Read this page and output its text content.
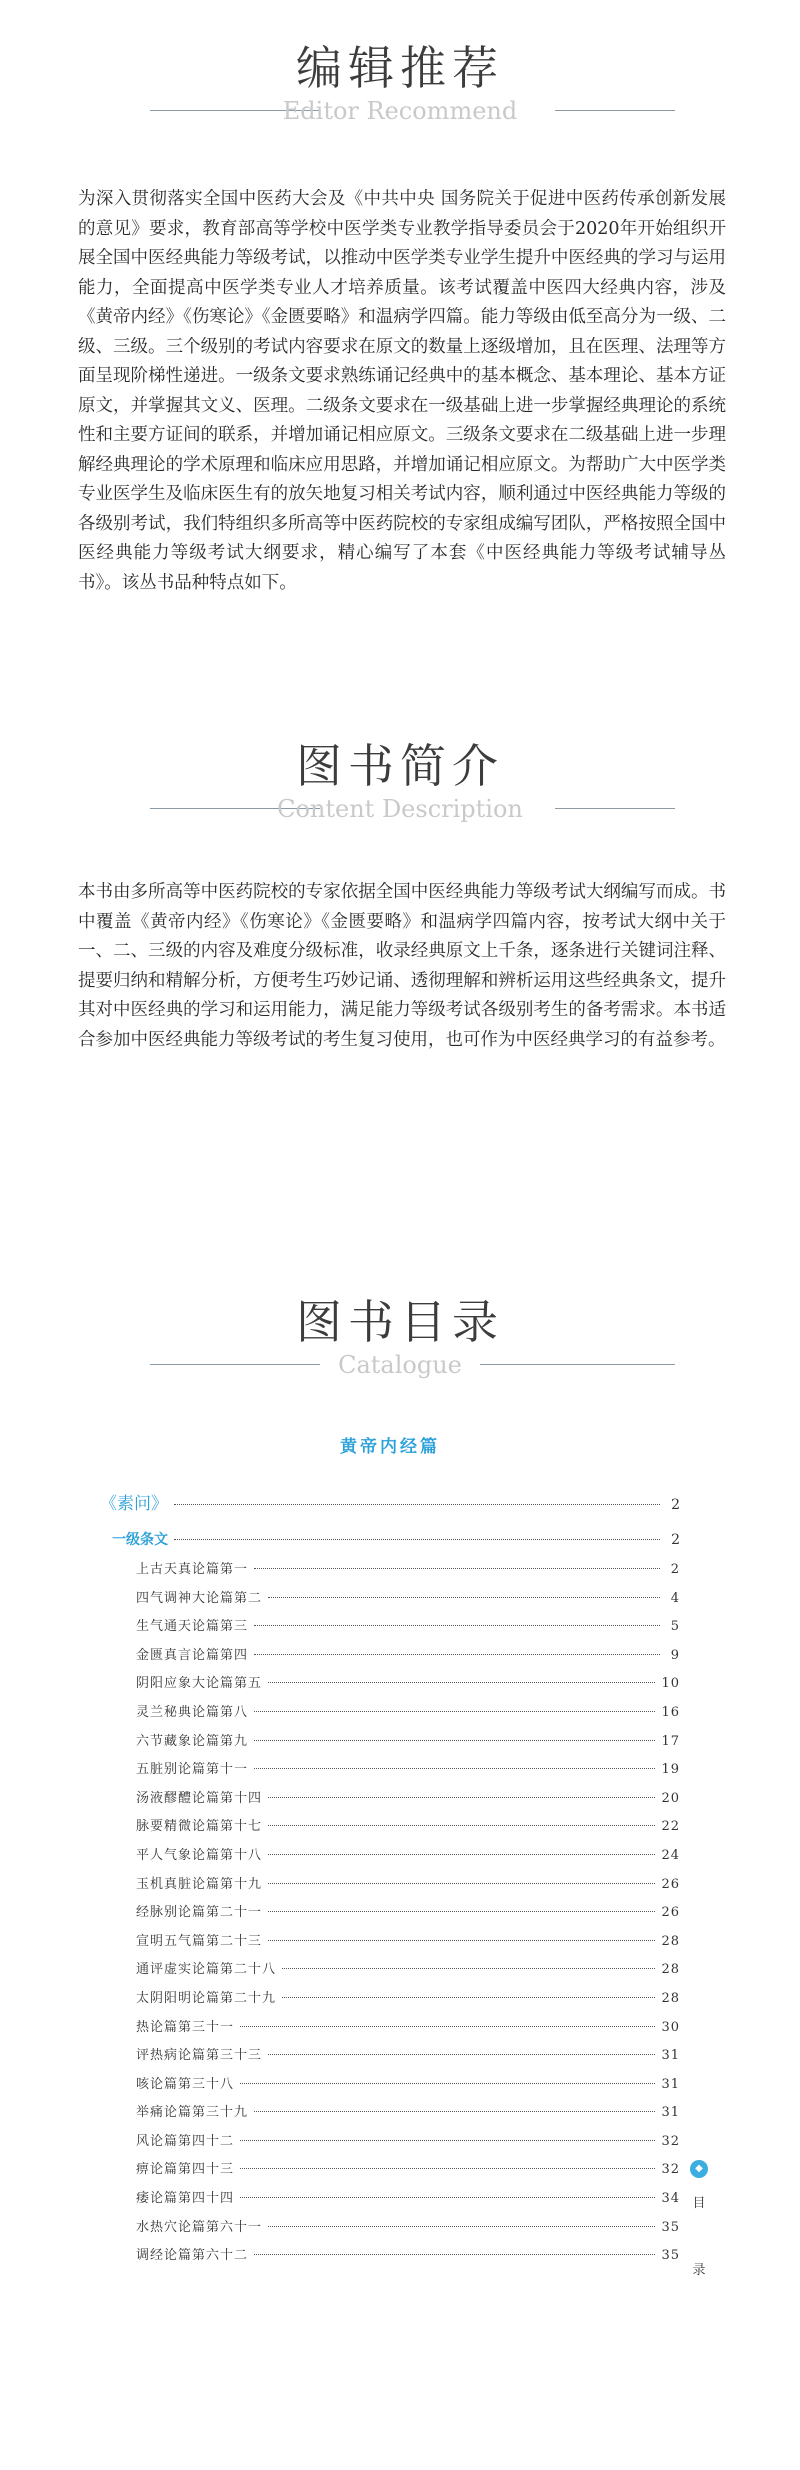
编辑推荐
Editor Recommend
为深入贯彻落实全国中医药大会及《中共中央 国务院关于促进中医药传承创新发展的意见》要求，教育部高等学校中医学类专业教学指导委员会于2020年开始组织开展全国中医经典能力等级考试，以推动中医学类专业学生提升中医经典的学习与运用能力，全面提高中医学类专业人才培养质量。该考试覆盖中医四大经典内容，涉及《黄帝内经》《伤寒论》《金匮要略》和温病学四篇。能力等级由低至高分为一级、二级、三级。三个级别的考试内容要求在原文的数量上逐级增加，且在医理、法理等方面呈现阶梯性递进。一级条文要求熟练诵记经典中的基本概念、基本理论、基本方证原文，并掌握其文义、医理。二级条文要求在一级基础上进一步掌握经典理论的系统性和主要方证间的联系，并增加诵记相应原文。三级条文要求在二级基础上进一步理解经典理论的学术原理和临床应用思路，并增加诵记相应原文。为帮助广大中医学类专业医学生及临床医生有的放矢地复习相关考试内容，顺利通过中医经典能力等级的各级别考试，我们特组织多所高等中医药院校的专家组成编写团队，严格按照全国中医经典能力等级考试大纲要求，精心编写了本套《中医经典能力等级考试辅导丛书》。该丛书品种特点如下。
图书简介
Content Description
本书由多所高等中医药院校的专家依据全国中医经典能力等级考试大纲编写而成。书中覆盖《黄帝内经》《伤寒论》《金匮要略》和温病学四篇内容，按考试大纲中关于一、二、三级的内容及难度分级标准，收录经典原文上千条，逐条进行关键词注释、提要归纳和精解分析，方便考生巧妙记诵、透彻理解和辨析运用这些经典条文，提升其对中医经典的学习和运用能力，满足能力等级考试各级别考生的备考需求。本书适合参加中医经典能力等级考试的考生复习使用，也可作为中医经典学习的有益参考。
图书目录
Catalogue
黄帝内经篇
《素问》	2
一级条文	2
上古天真论篇第一	2
四气调神大论篇第二	4
生气通天论篇第三	5
金匮真言论篇第四	9
阴阳应象大论篇第五	10
灵兰秘典论篇第八	16
六节藏象论篇第九	17
五脏别论篇第十一	19
汤液醪醴论篇第十四	20
脉要精微论篇第十七	22
平人气象论篇第十八	24
玉机真脏论篇第十九	26
经脉别论篇第二十一	26
宣明五气篇第二十三	28
通评虚实论篇第二十八	28
太阴阳明论篇第二十九	28
热论篇第三十一	30
评热病论篇第三十三	31
咳论篇第三十八	31
举痛论篇第三十九	31
风论篇第四十二	32
痹论篇第四十三	32
痿论篇第四十四	34
水热穴论篇第六十一	35
调经论篇第六十二	35
◆
目
录
